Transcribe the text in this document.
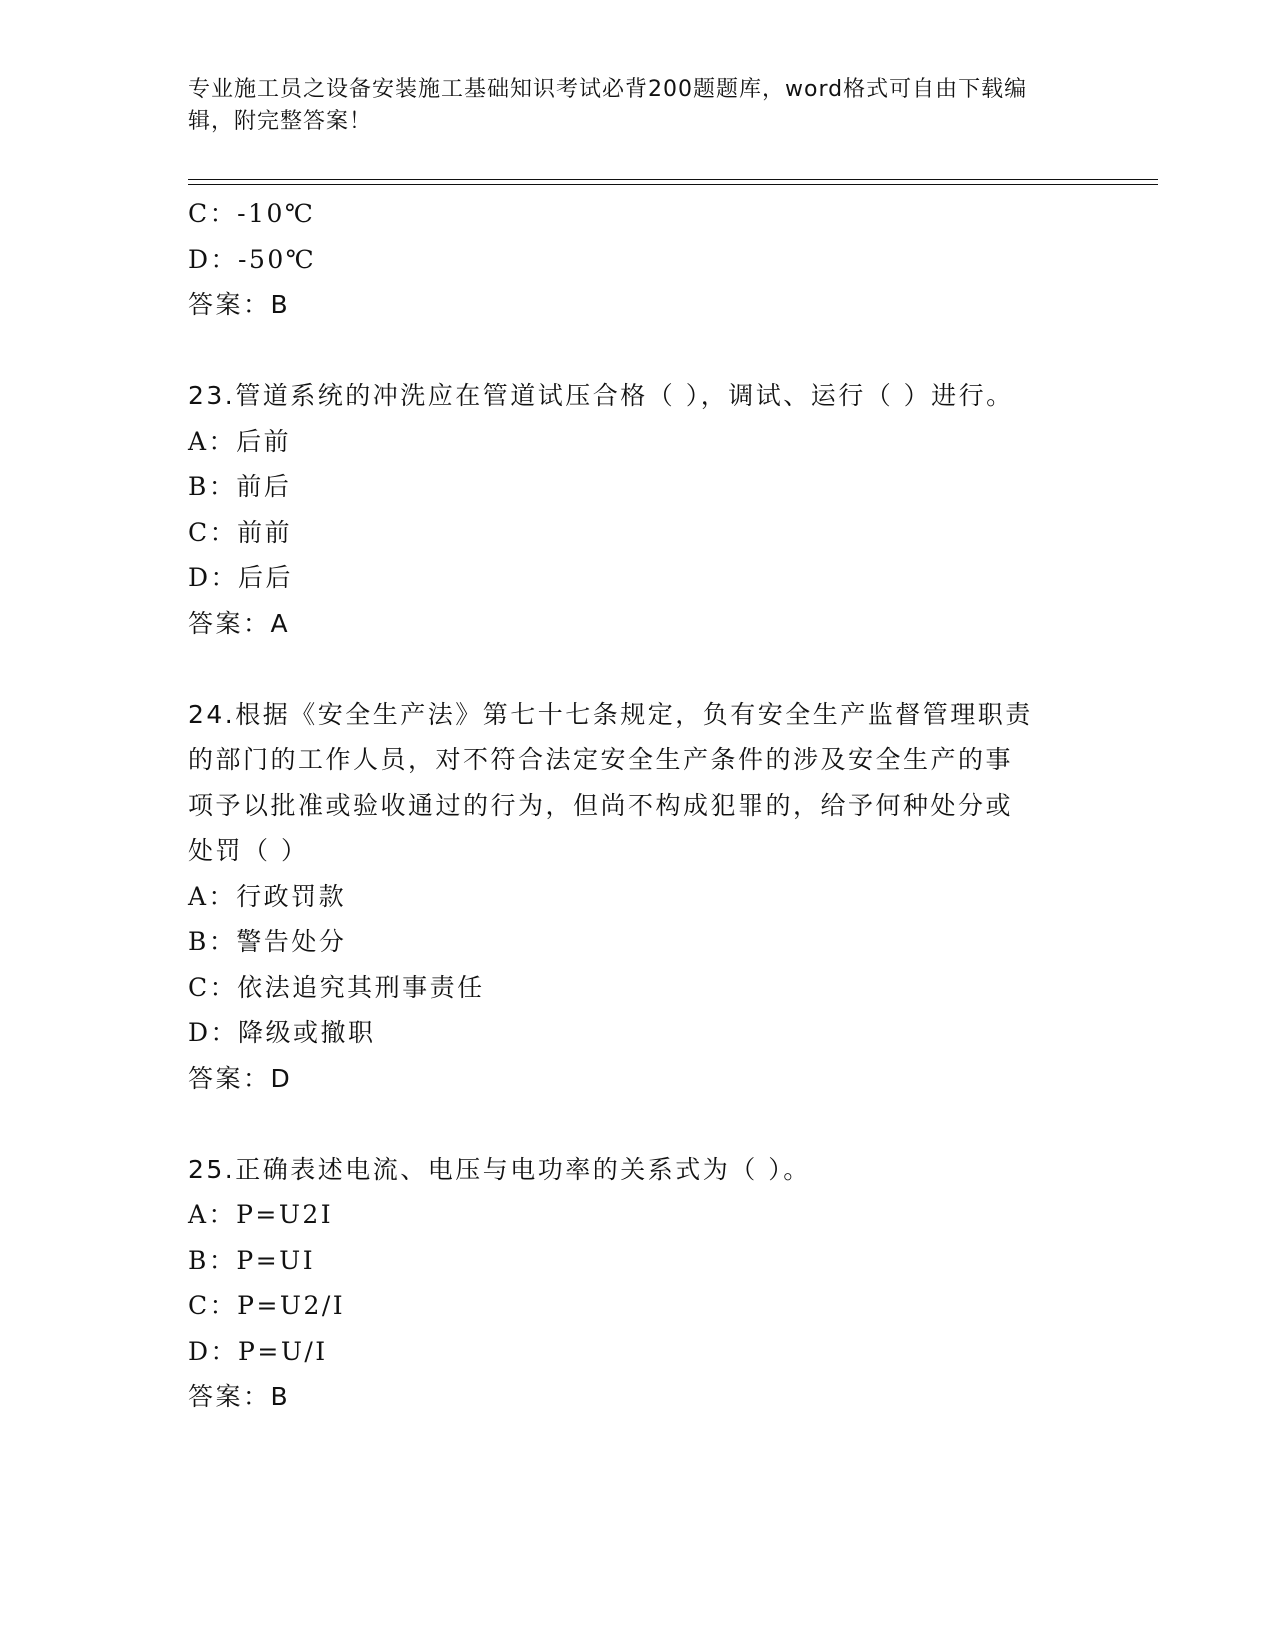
专业施工员之设备安装施工基础知识考试必背200题题库，word格式可自由下载编辑，附完整答案！
C：-10℃
D：-50℃
答案：B
23.管道系统的冲洗应在管道试压合格（ ），调试、运行（ ）进行。
A：后前
B：前后
C：前前
D：后后
答案：A
24.根据《安全生产法》第七十七条规定，负有安全生产监督管理职责
的部门的工作人员，对不符合法定安全生产条件的涉及安全生产的事
项予以批准或验收通过的行为，但尚不构成犯罪的，给予何种处分或
处罚（ ）
A：行政罚款
B：警告处分
C：依法追究其刑事责任
D：降级或撤职
答案：D
25.正确表述电流、电压与电功率的关系式为（ ）。
A：P=U2I
B：P=UI
C：P=U2/I
D：P=U/I
答案：B
